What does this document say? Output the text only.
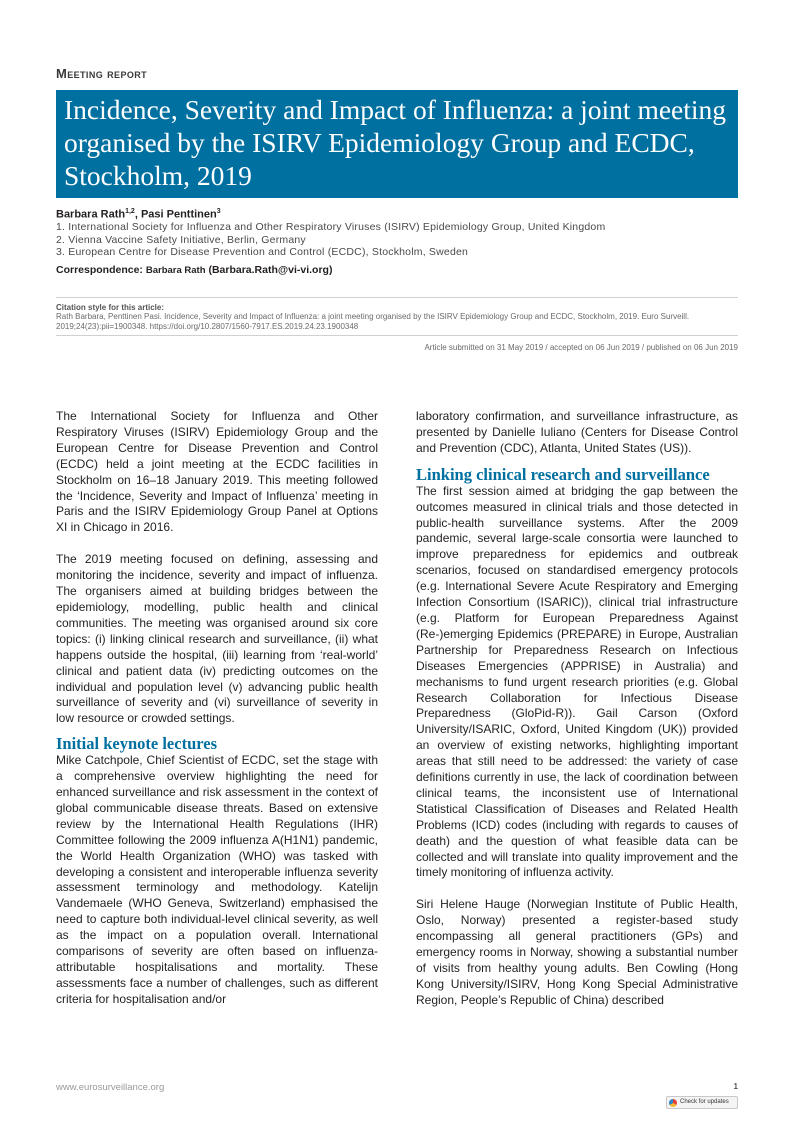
Meeting report
Incidence, Severity and Impact of Influenza: a joint meeting organised by the ISIRV Epidemiology Group and ECDC, Stockholm, 2019
Barbara Rath$^{1,2}$, Pasi Penttinen$^3$
1. International Society for Influenza and Other Respiratory Viruses (ISIRV) Epidemiology Group, United Kingdom
2. Vienna Vaccine Safety Initiative, Berlin, Germany
3. European Centre for Disease Prevention and Control (ECDC), Stockholm, Sweden
Correspondence: Barbara Rath (Barbara.Rath@vi-vi.org)
Citation style for this article:
Rath Barbara, Penttinen Pasi. Incidence, Severity and Impact of Influenza: a joint meeting organised by the ISIRV Epidemiology Group and ECDC, Stockholm, 2019. Euro Surveill. 2019;24(23):pii=1900348. https://doi.org/10.2807/1560-7917.ES.2019.24.23.1900348
Article submitted on 31 May 2019 / accepted on 06 Jun 2019 / published on 06 Jun 2019

The International Society for Influenza and Other Respiratory Viruses (ISIRV) Epidemiology Group and the European Centre for Disease Prevention and Control (ECDC) held a joint meeting at the ECDC facilities in Stockholm on 16–18 January 2019. This meeting followed the ‘Incidence, Severity and Impact of Influenza’ meeting in Paris and the ISIRV Epidemiology Group Panel at Options XI in Chicago in 2016.

The 2019 meeting focused on defining, assessing and monitoring the incidence, severity and impact of influenza. The organisers aimed at building bridges between the epidemiology, modelling, public health and clinical communities. The meeting was organised around six core topics: (i) linking clinical research and surveillance, (ii) what happens outside the hospital, (iii) learning from ‘real-world’ clinical and patient data (iv) predicting outcomes on the individual and population level (v) advancing public health surveillance of severity and (vi) surveillance of severity in low resource or crowded settings.

Initial keynote lectures

Mike Catchpole, Chief Scientist of ECDC, set the stage with a comprehensive overview highlighting the need for enhanced surveillance and risk assessment in the context of global communicable disease threats. Based on extensive review by the International Health Regulations (IHR) Committee following the 2009 influenza A(H1N1) pandemic, the World Health Organization (WHO) was tasked with developing a consistent and interoperable influenza severity assessment terminology and methodology. Katelijn Vandemaele (WHO Geneva, Switzerland) emphasised the need to capture both individual-level clinical severity, as well as the impact on a population overall. International comparisons of severity are often based on influenza-attributable hospitalisations and mortality. These assessments face a number of challenges, such as different criteria for hospitalisation and/or

laboratory confirmation, and surveillance infrastructure, as presented by Danielle Iuliano (Centers for Disease Control and Prevention (CDC), Atlanta, United States (US)).

Linking clinical research and surveillance

The first session aimed at bridging the gap between the outcomes measured in clinical trials and those detected in public-health surveillance systems. After the 2009 pandemic, several large-scale consortia were launched to improve preparedness for epidemics and outbreak scenarios, focused on standardised emergency protocols (e.g. International Severe Acute Respiratory and Emerging Infection Consortium (ISARIC)), clinical trial infrastructure (e.g. Platform for European Preparedness Against (Re-)emerging Epidemics (PREPARE) in Europe, Australian Partnership for Preparedness Research on Infectious Diseases Emergencies (APPRISE) in Australia) and mechanisms to fund urgent research priorities (e.g. Global Research Collaboration for Infectious Disease Preparedness (GloPid-R)). Gail Carson (Oxford University/ISARIC, Oxford, United Kingdom (UK)) provided an overview of existing networks, highlighting important areas that still need to be addressed: the variety of case definitions currently in use, the lack of coordination between clinical teams, the inconsistent use of International Statistical Classification of Diseases and Related Health Problems (ICD) codes (including with regards to causes of death) and the question of what feasible data can be collected and will translate into quality improvement and the timely monitoring of influenza activity.

Siri Helene Hauge (Norwegian Institute of Public Health, Oslo, Norway) presented a register-based study encompassing all general practitioners (GPs) and emergency rooms in Norway, showing a substantial number of visits from healthy young adults. Ben Cowling (Hong Kong University/ISIRV, Hong Kong Special Administrative Region, People’s Republic of China) described

www.eurosurveillance.org	1
Check for updates
